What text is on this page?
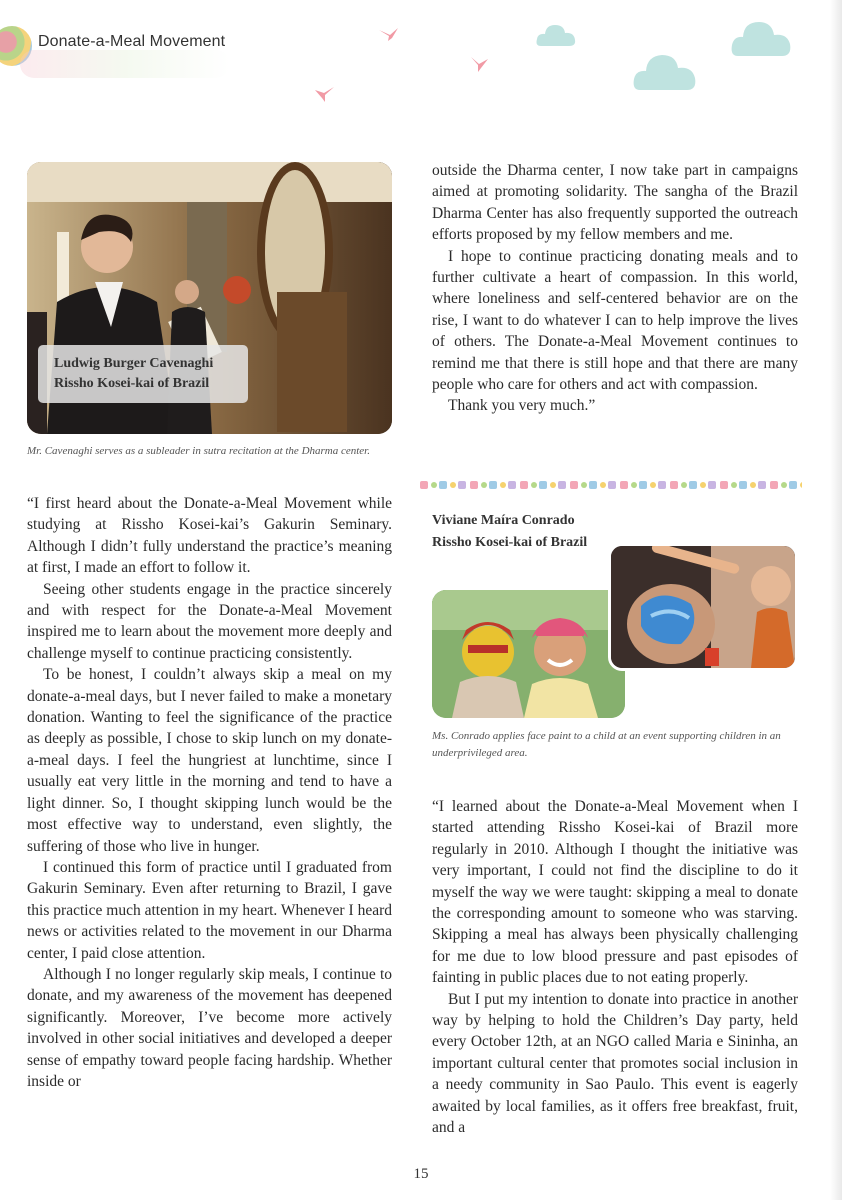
Donate-a-Meal Movement
Ludwig Burger Cavenaghi
Rissho Kosei-kai of Brazil
Mr. Cavenaghi serves as a subleader in sutra recitation at the Dharma center.

“I first heard about the Donate-a-Meal Movement while studying at Rissho Kosei-kai’s Gakurin Seminary. Although I didn’t fully understand the practice’s meaning at first, I made an effort to follow it.

Seeing other students engage in the practice sincerely and with respect for the Donate-a-Meal Movement inspired me to learn about the movement more deeply and challenge myself to continue practicing consistently.

To be honest, I couldn’t always skip a meal on my donate-a-meal days, but I never failed to make a monetary donation. Wanting to feel the significance of the practice as deeply as possible, I chose to skip lunch on my donate-a-meal days. I feel the hungriest at lunchtime, since I usually eat very little in the morning and tend to have a light dinner. So, I thought skipping lunch would be the most effective way to understand, even slightly, the suffering of those who live in hunger.

I continued this form of practice until I graduated from Gakurin Seminary. Even after returning to Brazil, I gave this practice much attention in my heart. Whenever I heard news or activities related to the movement in our Dharma center, I paid close attention.

Although I no longer regularly skip meals, I continue to donate, and my awareness of the movement has deepened significantly. Moreover, I’ve become more actively involved in other social initiatives and developed a deeper sense of empathy toward people facing hardship. Whether inside or

outside the Dharma center, I now take part in campaigns aimed at promoting solidarity. The sangha of the Brazil Dharma Center has also frequently supported the outreach efforts proposed by my fellow members and me.

I hope to continue practicing donating meals and to further cultivate a heart of compassion. In this world, where loneliness and self-centered behavior are on the rise, I want to do whatever I can to help improve the lives of others. The Donate-a-Meal Movement continues to remind me that there is still hope and that there are many people who care for others and act with compassion.

Thank you very much.”

Viviane Maíra Conrado
Rissho Kosei-kai of Brazil
Ms. Conrado applies face paint to a child at an event supporting children in an underprivileged area.

“I learned about the Donate-a-Meal Movement when I started attending Rissho Kosei-kai of Brazil more regularly in 2010. Although I thought the initiative was very important, I could not find the discipline to do it myself the way we were taught: skipping a meal to donate the corresponding amount to someone who was starving. Skipping a meal has always been physically challenging for me due to low blood pressure and past episodes of fainting in public places due to not eating properly.

But I put my intention to donate into practice in another way by helping to hold the Children’s Day party, held every October 12th, at an NGO called Maria e Sininha, an important cultural center that promotes social inclusion in a needy community in Sao Paulo. This event is eagerly awaited by local families, as it offers free breakfast, fruit, and a

15
